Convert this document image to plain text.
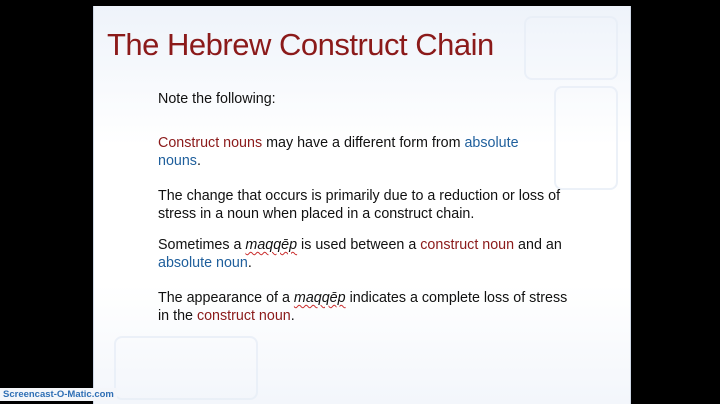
The Hebrew Construct Chain

Note the following:

Construct nouns may have a different form from absolute
nouns.

The change that occurs is primarily due to a reduction or loss of stress in a noun when placed in a construct chain.

Sometimes a maqqēp is used between a construct noun and an absolute noun.

The appearance of a maqqēp indicates a complete loss of stress in the construct noun.

Screencast-O-Matic.com
